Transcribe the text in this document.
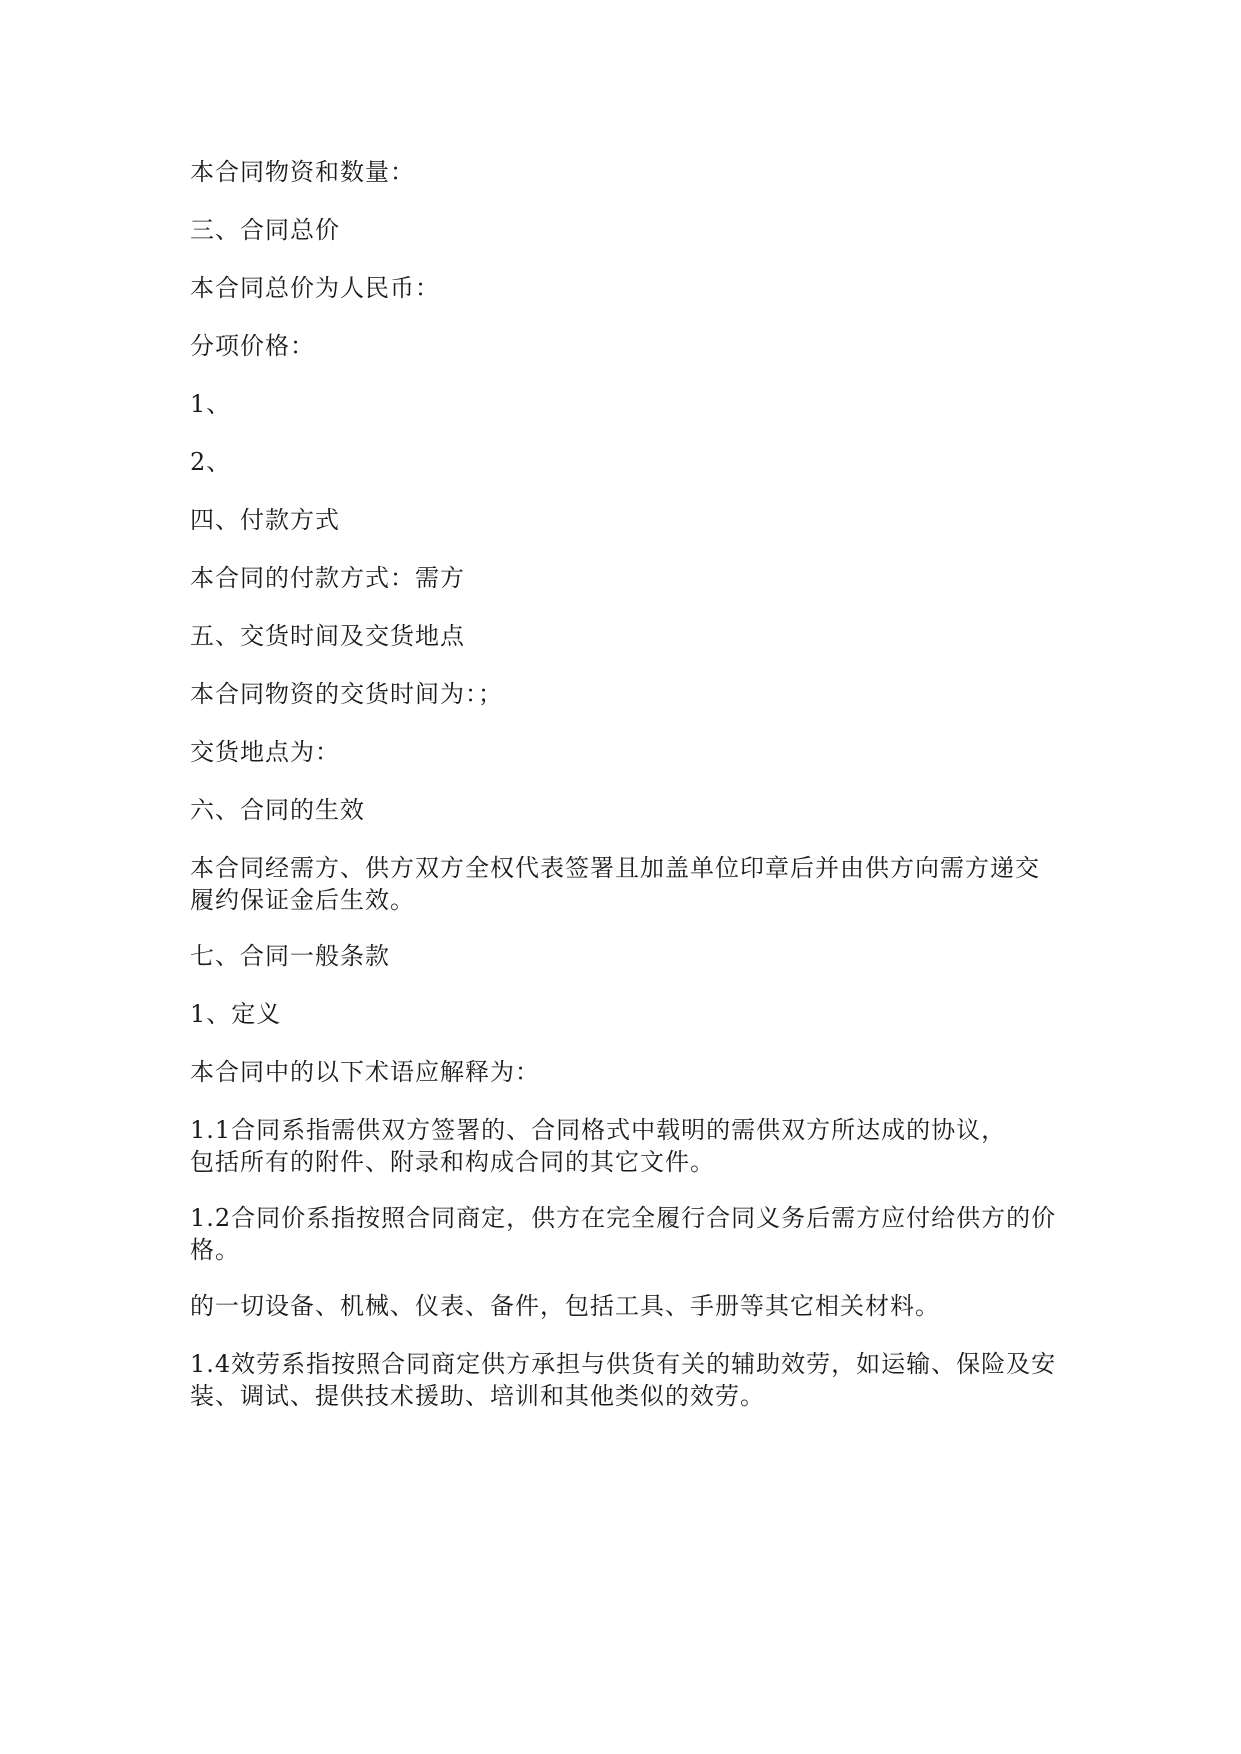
本合同物资和数量：
三、合同总价
本合同总价为人民币：
分项价格：
1、
2、
四、付款方式
本合同的付款方式：需方
五、交货时间及交货地点
本合同物资的交货时间为：；
交货地点为：
六、合同的生效
本合同经需方、供方双方全权代表签署且加盖单位印章后并由供方向需方递交
履约保证金后生效。
七、合同一般条款
1、定义
本合同中的以下术语应解释为：
1.1合同系指需供双方签署的、合同格式中载明的需供双方所达成的协议，
包括所有的附件、附录和构成合同的其它文件。
1.2合同价系指按照合同商定，供方在完全履行合同义务后需方应付给供方的价
格。
的一切设备、机械、仪表、备件，包括工具、手册等其它相关材料。
1.4效劳系指按照合同商定供方承担与供货有关的辅助效劳，如运输、保险及安
装、调试、提供技术援助、培训和其他类似的效劳。
